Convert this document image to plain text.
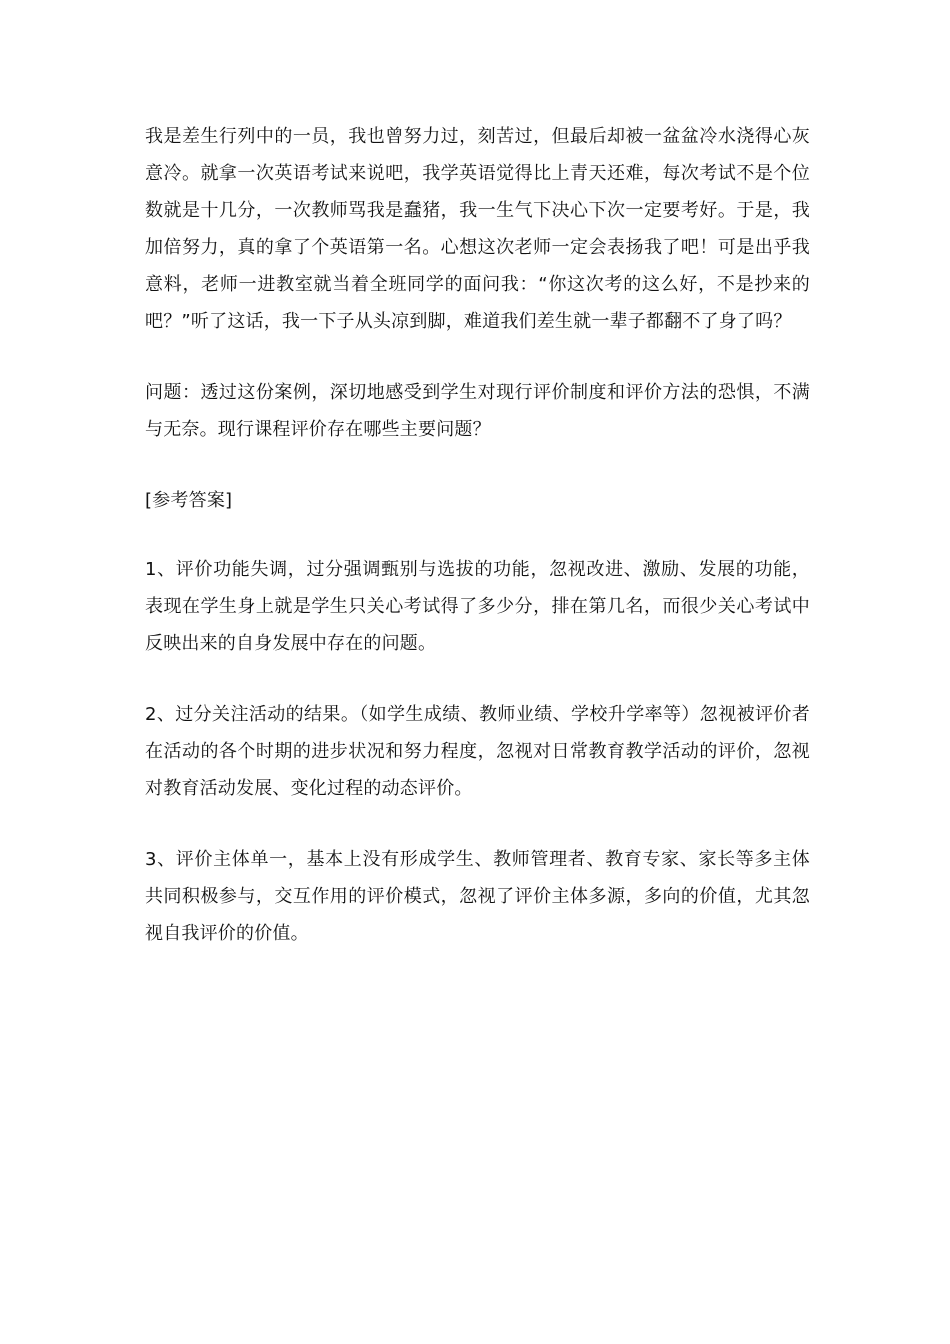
我是差生行列中的一员，我也曾努力过，刻苦过，但最后却被一盆盆冷水浇得心灰意冷。就拿一次英语考试来说吧，我学英语觉得比上青天还难，每次考试不是个位数就是十几分，一次教师骂我是蠢猪，我一生气下决心下次一定要考好。于是，我加倍努力，真的拿了个英语第一名。心想这次老师一定会表扬我了吧！可是出乎我意料，老师一进教室就当着全班同学的面问我：“你这次考的这么好，不是抄来的吧？”听了这话，我一下子从头凉到脚，难道我们差生就一辈子都翻不了身了吗？

问题：透过这份案例，深切地感受到学生对现行评价制度和评价方法的恐惧，不满与无奈。现行课程评价存在哪些主要问题？

[参考答案]

1、评价功能失调，过分强调甄别与选拔的功能，忽视改进、激励、发展的功能，表现在学生身上就是学生只关心考试得了多少分，排在第几名，而很少关心考试中反映出来的自身发展中存在的问题。

2、过分关注活动的结果。（如学生成绩、教师业绩、学校升学率等）忽视被评价者在活动的各个时期的进步状况和努力程度，忽视对日常教育教学活动的评价，忽视对教育活动发展、变化过程的动态评价。

3、评价主体单一，基本上没有形成学生、教师管理者、教育专家、家长等多主体共同积极参与，交互作用的评价模式，忽视了评价主体多源，多向的价值，尤其忽视自我评价的价值。
